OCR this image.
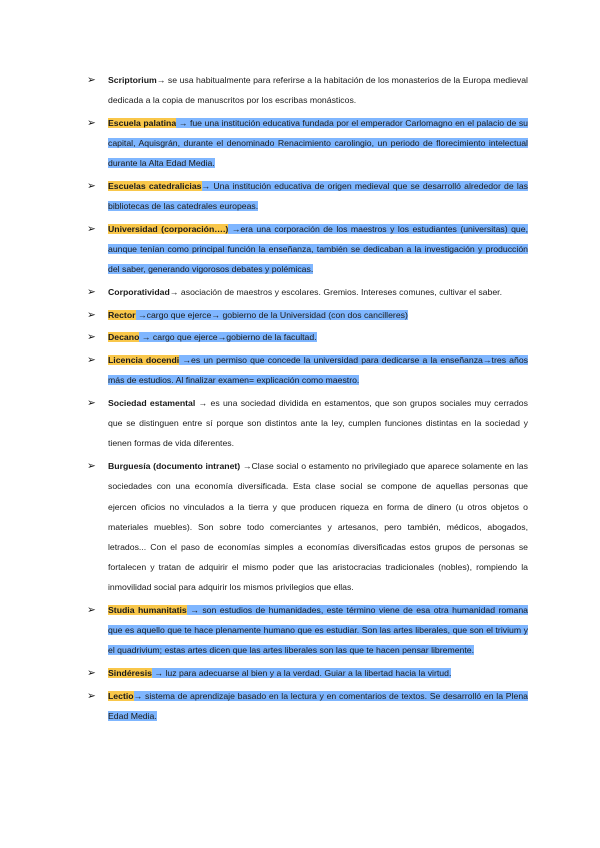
➢ Scriptorium→ se usa habitualmente para referirse a la habitación de los monasterios de la Europa medieval dedicada a la copia de manuscritos por los escribas monásticos.
➢ Escuela palatina → fue una institución educativa fundada por el emperador Carlomagno en el palacio de su capital, Aquisgrán, durante el denominado Renacimiento carolingio, un periodo de florecimiento intelectual durante la Alta Edad Media.
➢ Escuelas catedralicias→ Una institución educativa de origen medieval que se desarrolló alrededor de las bibliotecas de las catedrales europeas.
➢ Universidad (corporación….) →era una corporación de los maestros y los estudiantes (universitas) que, aunque tenían como principal función la enseñanza, también se dedicaban a la investigación y producción del saber, generando vigorosos debates y polémicas.
➢ Corporatividad→ asociación de maestros y escolares. Gremios. Intereses comunes, cultivar el saber.
➢ Rector →cargo que ejerce→ gobierno de la Universidad (con dos cancilleres)
➢ Decano → cargo que ejerce→gobierno de la facultad.
➢ Licencia docendi →es un permiso que concede la universidad para dedicarse a la enseñanza→tres años más de estudios. Al finalizar examen= explicación como maestro.
➢ Sociedad estamental → es una sociedad dividida en estamentos, que son grupos sociales muy cerrados que se distinguen entre sí porque son distintos ante la ley, cumplen funciones distintas en la sociedad y tienen formas de vida diferentes.
➢ Burguesía (documento intranet) →Clase social o estamento no privilegiado que aparece solamente en las sociedades con una economía diversificada. Esta clase social se compone de aquellas personas que ejercen oficios no vinculados a la tierra y que producen riqueza en forma de dinero (u otros objetos o materiales muebles). Son sobre todo comerciantes y artesanos, pero también, médicos, abogados, letrados... Con el paso de economías simples a economías diversificadas estos grupos de personas se fortalecen y tratan de adquirir el mismo poder que las aristocracias tradicionales (nobles), rompiendo la inmovilidad social para adquirir los mismos privilegios que ellas.
➢ Studia humanitatis → son estudios de humanidades, este término viene de esa otra humanidad romana que es aquello que te hace plenamente humano que es estudiar. Son las artes liberales, que son el trivium y el quadrivium; estas artes dicen que las artes liberales son las que te hacen pensar libremente.
➢ Sindéresis → luz para adecuarse al bien y a la verdad. Guiar a la libertad hacia la virtud.
➢ Lectio→ sistema de aprendizaje basado en la lectura y en comentarios de textos. Se desarrolló en la Plena Edad Media.
